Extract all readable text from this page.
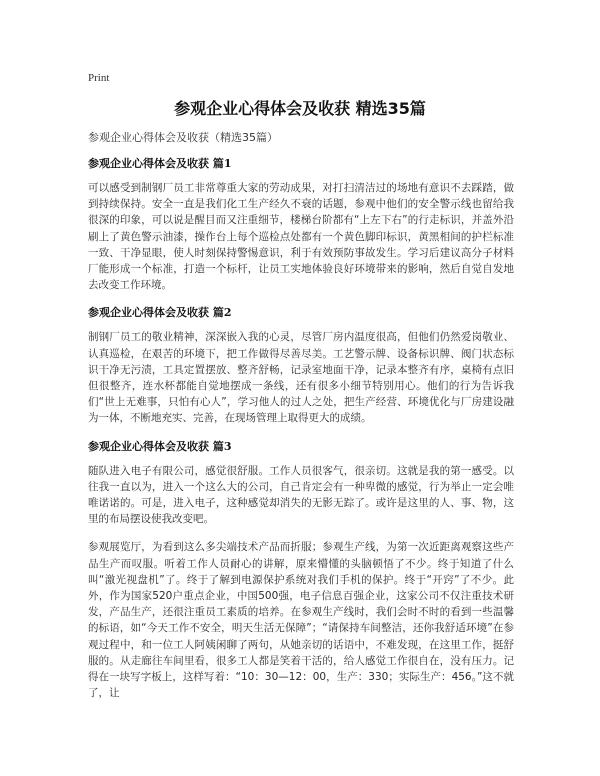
Print
参观企业心得体会及收获 精选35篇
参观企业心得体会及收获（精选35篇）
参观企业心得体会及收获 篇1

可以感受到制钢厂员工非常尊重大家的劳动成果，对打扫清洁过的场地有意识不去踩踏，做到持续保持。安全一直是我们化工生产经久不衰的话题，参观中他们的安全警示线也留给我很深的印象，可以说是醒目而又注重细节，楼梯台阶都有“上左下右”的行走标识，并盖外沿刷上了黄色警示油漆，操作台上每个巡检点处都有一个黄色脚印标识，黄黑相间的护栏标准一致、干净显眼，使人时刻保持警惕意识，利于有效预防事故发生。学习后建议高分子材料厂能形成一个标准，打造一个标杆，让员工实地体验良好环境带来的影响，然后自觉自发地去改变工作环境。

参观企业心得体会及收获 篇2

制钢厂员工的敬业精神，深深嵌入我的心灵，尽管厂房内温度很高，但他们仍然爱岗敬业、认真巡检，在艰苦的环境下，把工作做得尽善尽美。工艺警示牌、设备标识牌、阀门状态标识干净无污渍，工具定置摆放、整齐舒畅，记录室地面干净，记录本整齐有序，桌椅有点旧但很整齐，连水杯都能自觉地摆成一条线，还有很多小细节特别用心。他们的行为告诉我们“世上无难事，只怕有心人”，学习他人的过人之处，把生产经营、环境优化与厂房建设融为一体，不断地充实、完善，在现场管理上取得更大的成绩。

参观企业心得体会及收获 篇3

随队进入电子有限公司，感觉很舒服。工作人员很客气，很亲切。这就是我的第一感受。以往我一直以为，进入一个这么大的公司，自己肯定会有一种卑微的感觉，行为举止一定会唯唯诺诺的。可是，进入电子，这种感觉却消失的无影无踪了。或许是这里的人、事、物，这里的布局摆设使我改变吧。

参观展览厅，为看到这么多尖端技术产品而折服；参观生产线，为第一次近距离观察这些产品生产而叹服。听着工作人员耐心的讲解，原来懵懂的头脑顿悟了不少。终于知道了什么叫“激光视盘机”了。终于了解到电源保护系统对我们手机的保护。终于“开窍”了不少。此外，作为国家520户重点企业，中国500强，电子信息百强企业，这家公司不仅注重技术研发，产品生产，还很注重员工素质的培养。在参观生产线时，我们会时不时的看到一些温馨的标语，如“今天工作不安全，明天生活无保障”；“请保持车间整洁，还你我舒适环境”在参观过程中，和一位工人阿姨闲聊了两句，从她亲切的话语中，不难发现，在这里工作，挺舒服的。从走廊往车间里看，很多工人都是笑着干活的，给人感觉工作很自在，没有压力。记得在一块写字板上，这样写着：“10：30—12：00，生产：330；实际生产：456。”这不就了，让
